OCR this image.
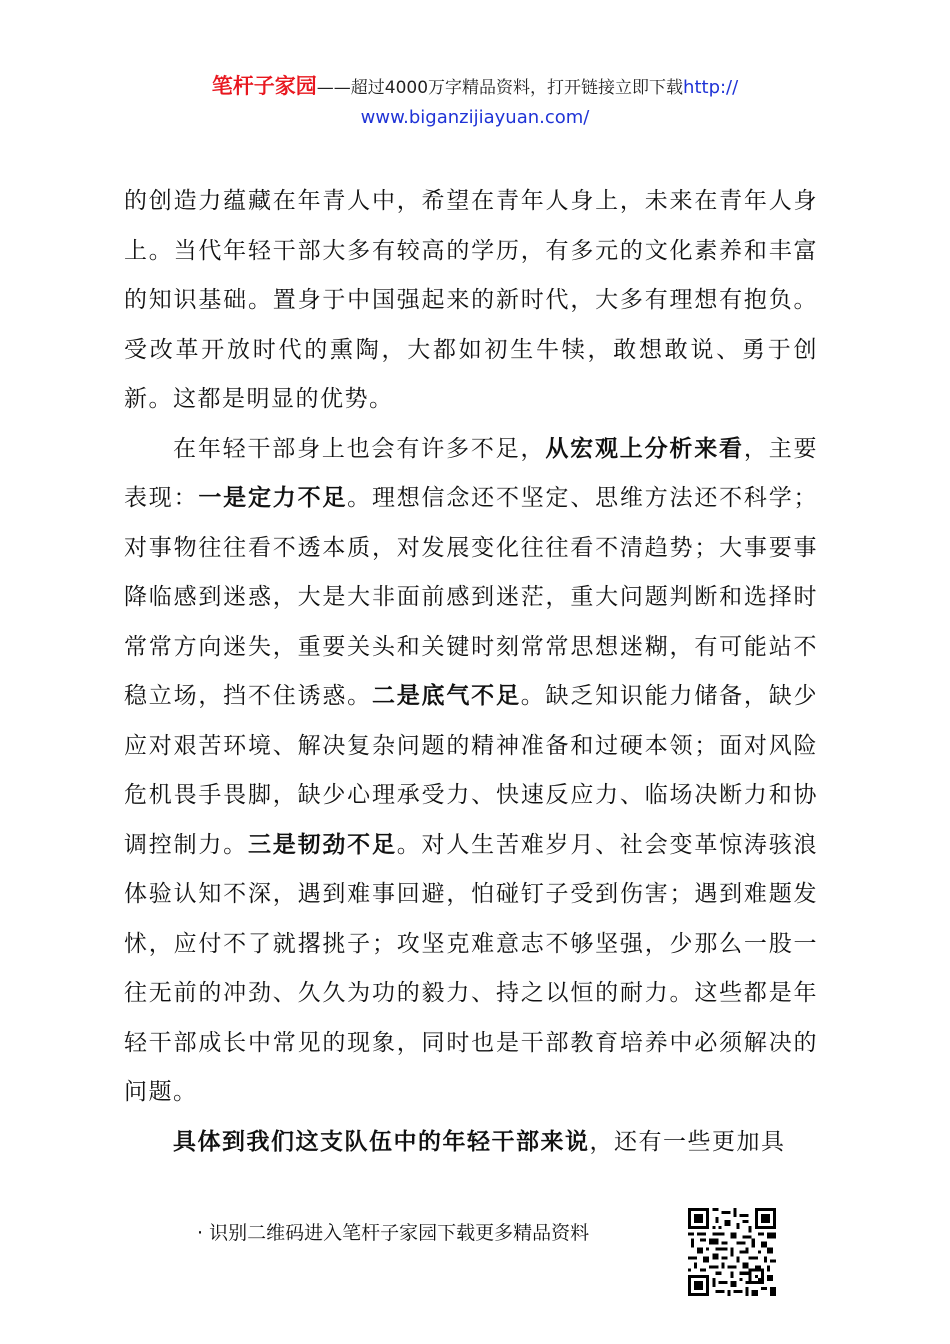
笔杆子家园——超过4000万字精品资料，打开链接立即下载http://
www.biganzijiayuan.com/

的创造力蕴藏在年青人中，希望在青年人身上，未来在青年人身上。当代年轻干部大多有较高的学历，有多元的文化素养和丰富的知识基础。置身于中国强起来的新时代，大多有理想有抱负。受改革开放时代的熏陶，大都如初生牛犊，敢想敢说、勇于创新。这都是明显的优势。

在年轻干部身上也会有许多不足，从宏观上分析来看，主要表现：一是定力不足。理想信念还不坚定、思维方法还不科学；对事物往往看不透本质，对发展变化往往看不清趋势；大事要事降临感到迷惑，大是大非面前感到迷茫，重大问题判断和选择时常常方向迷失，重要关头和关键时刻常常思想迷糊，有可能站不稳立场，挡不住诱惑。二是底气不足。缺乏知识能力储备，缺少应对艰苦环境、解决复杂问题的精神准备和过硬本领；面对风险危机畏手畏脚，缺少心理承受力、快速反应力、临场决断力和协调控制力。三是韧劲不足。对人生苦难岁月、社会变革惊涛骇浪体验认知不深，遇到难事回避，怕碰钉子受到伤害；遇到难题发怵，应付不了就撂挑子；攻坚克难意志不够坚强，少那么一股一往无前的冲劲、久久为功的毅力、持之以恒的耐力。这些都是年轻干部成长中常见的现象，同时也是干部教育培养中必须解决的问题。

具体到我们这支队伍中的年轻干部来说，还有一些更加具

· 识别二维码进入笔杆子家园下载更多精品资料
